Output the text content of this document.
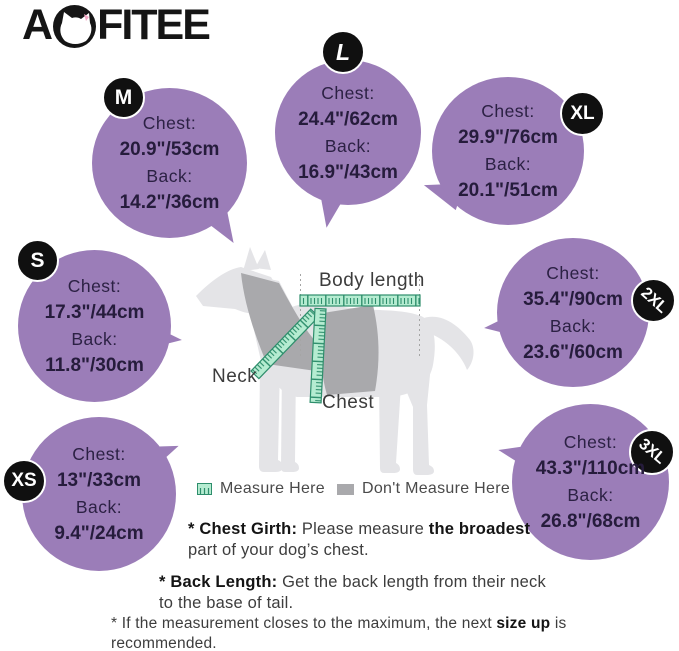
A FITEE
Body length
Neck
Chest
M
Chest:
20.9"/53cm
Back:
14.2"/36cm
L
Chest:
24.4"/62cm
Back:
16.9"/43cm
XL
Chest:
29.9"/76cm
Back:
20.1"/51cm
S
Chest:
17.3"/44cm
Back:
11.8"/30cm
2XL
Chest:
35.4"/90cm
Back:
23.6"/60cm
XS
Chest:
13"/33cm
Back:
9.4"/24cm
3XL
Chest:
43.3"/110cm
Back:
26.8"/68cm
Measure Here Don't Measure Here
* Chest Girth: Please measure the broadest part of your dog’s chest.
* Back Length: Get the back length from their neck to the base of tail.
* If the measurement closes to the maximum, the next size up is recommended.
